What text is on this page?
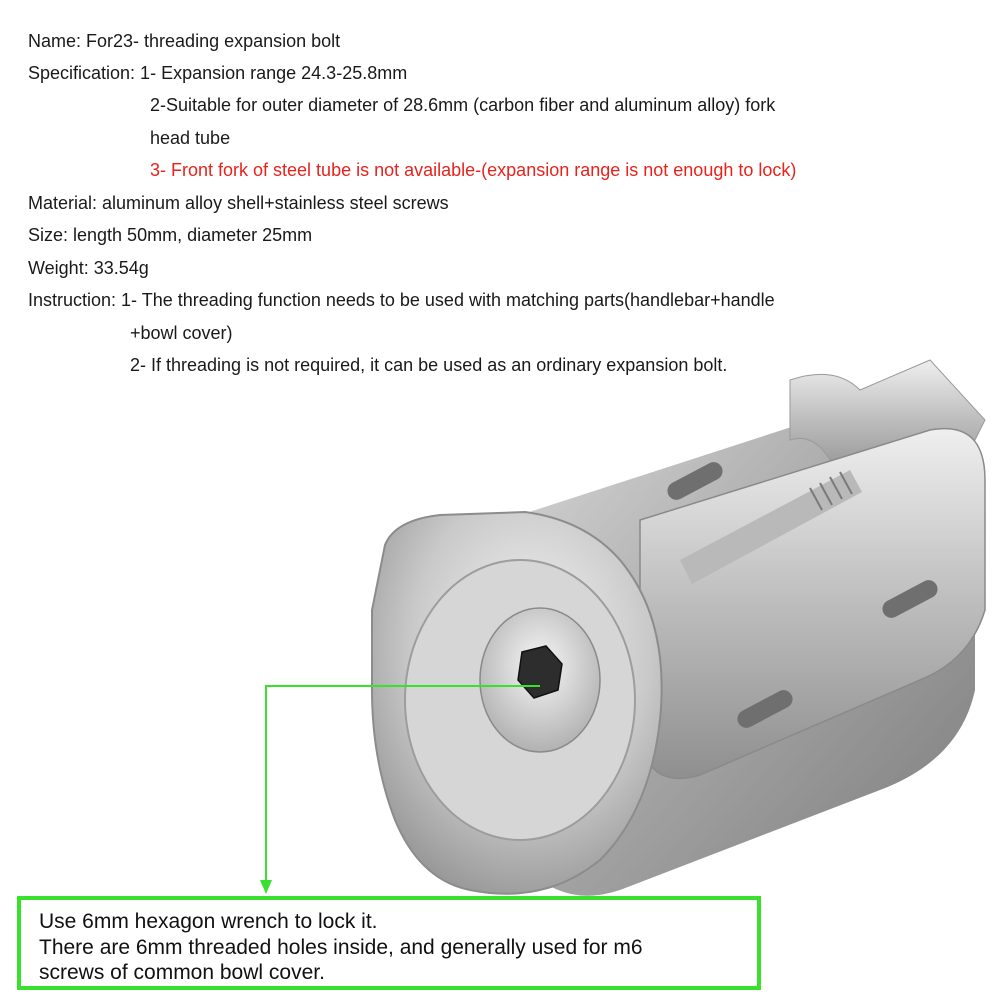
Name: For23- threading expansion bolt
Specification: 1- Expansion range 24.3-25.8mm
2-Suitable for outer diameter of 28.6mm (carbon fiber and aluminum alloy) fork
head tube
3- Front fork of steel tube is not available-(expansion range is not enough to lock)
Material: aluminum alloy shell+stainless steel screws
Size: length 50mm, diameter 25mm
Weight: 33.54g
Instruction: 1- The threading function needs to be used with matching parts(handlebar+handle
+bowl cover)
2- If threading is not required, it can be used as an ordinary expansion bolt.
Use 6mm hexagon wrench to lock it.
There are 6mm threaded holes inside, and generally used for m6
screws of common bowl cover.
